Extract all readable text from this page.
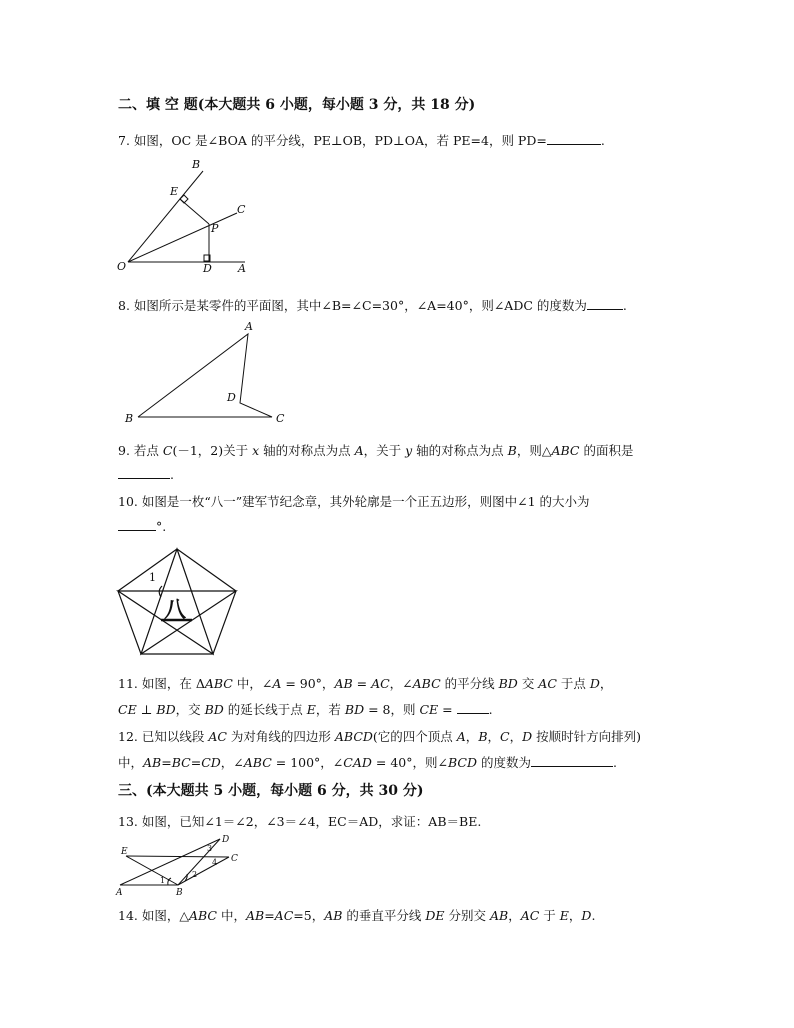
二、填 空 题(本大题共 6 小题，每小题 3 分，共 18 分)
7. 如图，OC 是∠BOA 的平分线，PE⊥OB，PD⊥OA，若 PE=4，则 PD=	.
B
E
C
P
O	D A
8. 如图所示是某零件的平面图，其中∠B=∠C=30°，∠A=40°，则∠ADC 的度数为	.
A
D
B	C
9. 若点 C(－1，2)关于 x 轴的对称点为点 A，关于 y 轴的对称点为点 B，则△ABC 的面积是
.
10. 如图是一枚“八一”建军节纪念章，其外轮廓是一个正五边形，则图中∠1 的大小为
°.
1
八
11. 如图，在 ΔABC 中，∠A = 90°，AB = AC，∠ABC 的平分线 BD 交 AC 于点 D，
CE ⊥ BD，交 BD 的延长线于点 E，若 BD = 8，则 CE =	.
12. 已知以线段 AC 为对角线的四边形 ABCD(它的四个顶点 A，B，C，D 按顺时针方向排列)
中，AB=BC=CD，∠ABC = 100°，∠CAD = 40°，则∠BCD 的度数为	.
三、(本大题共 5 小题，每小题 6 分，共 30 分)
13. 如图，已知∠1＝∠2，∠3＝∠4，EC＝AD，求证：AB＝BE.
D
E
C
A	B
1
2
3
4
14. 如图，△ABC 中，AB=AC=5，AB 的垂直平分线 DE 分别交 AB，AC 于 E，D.
